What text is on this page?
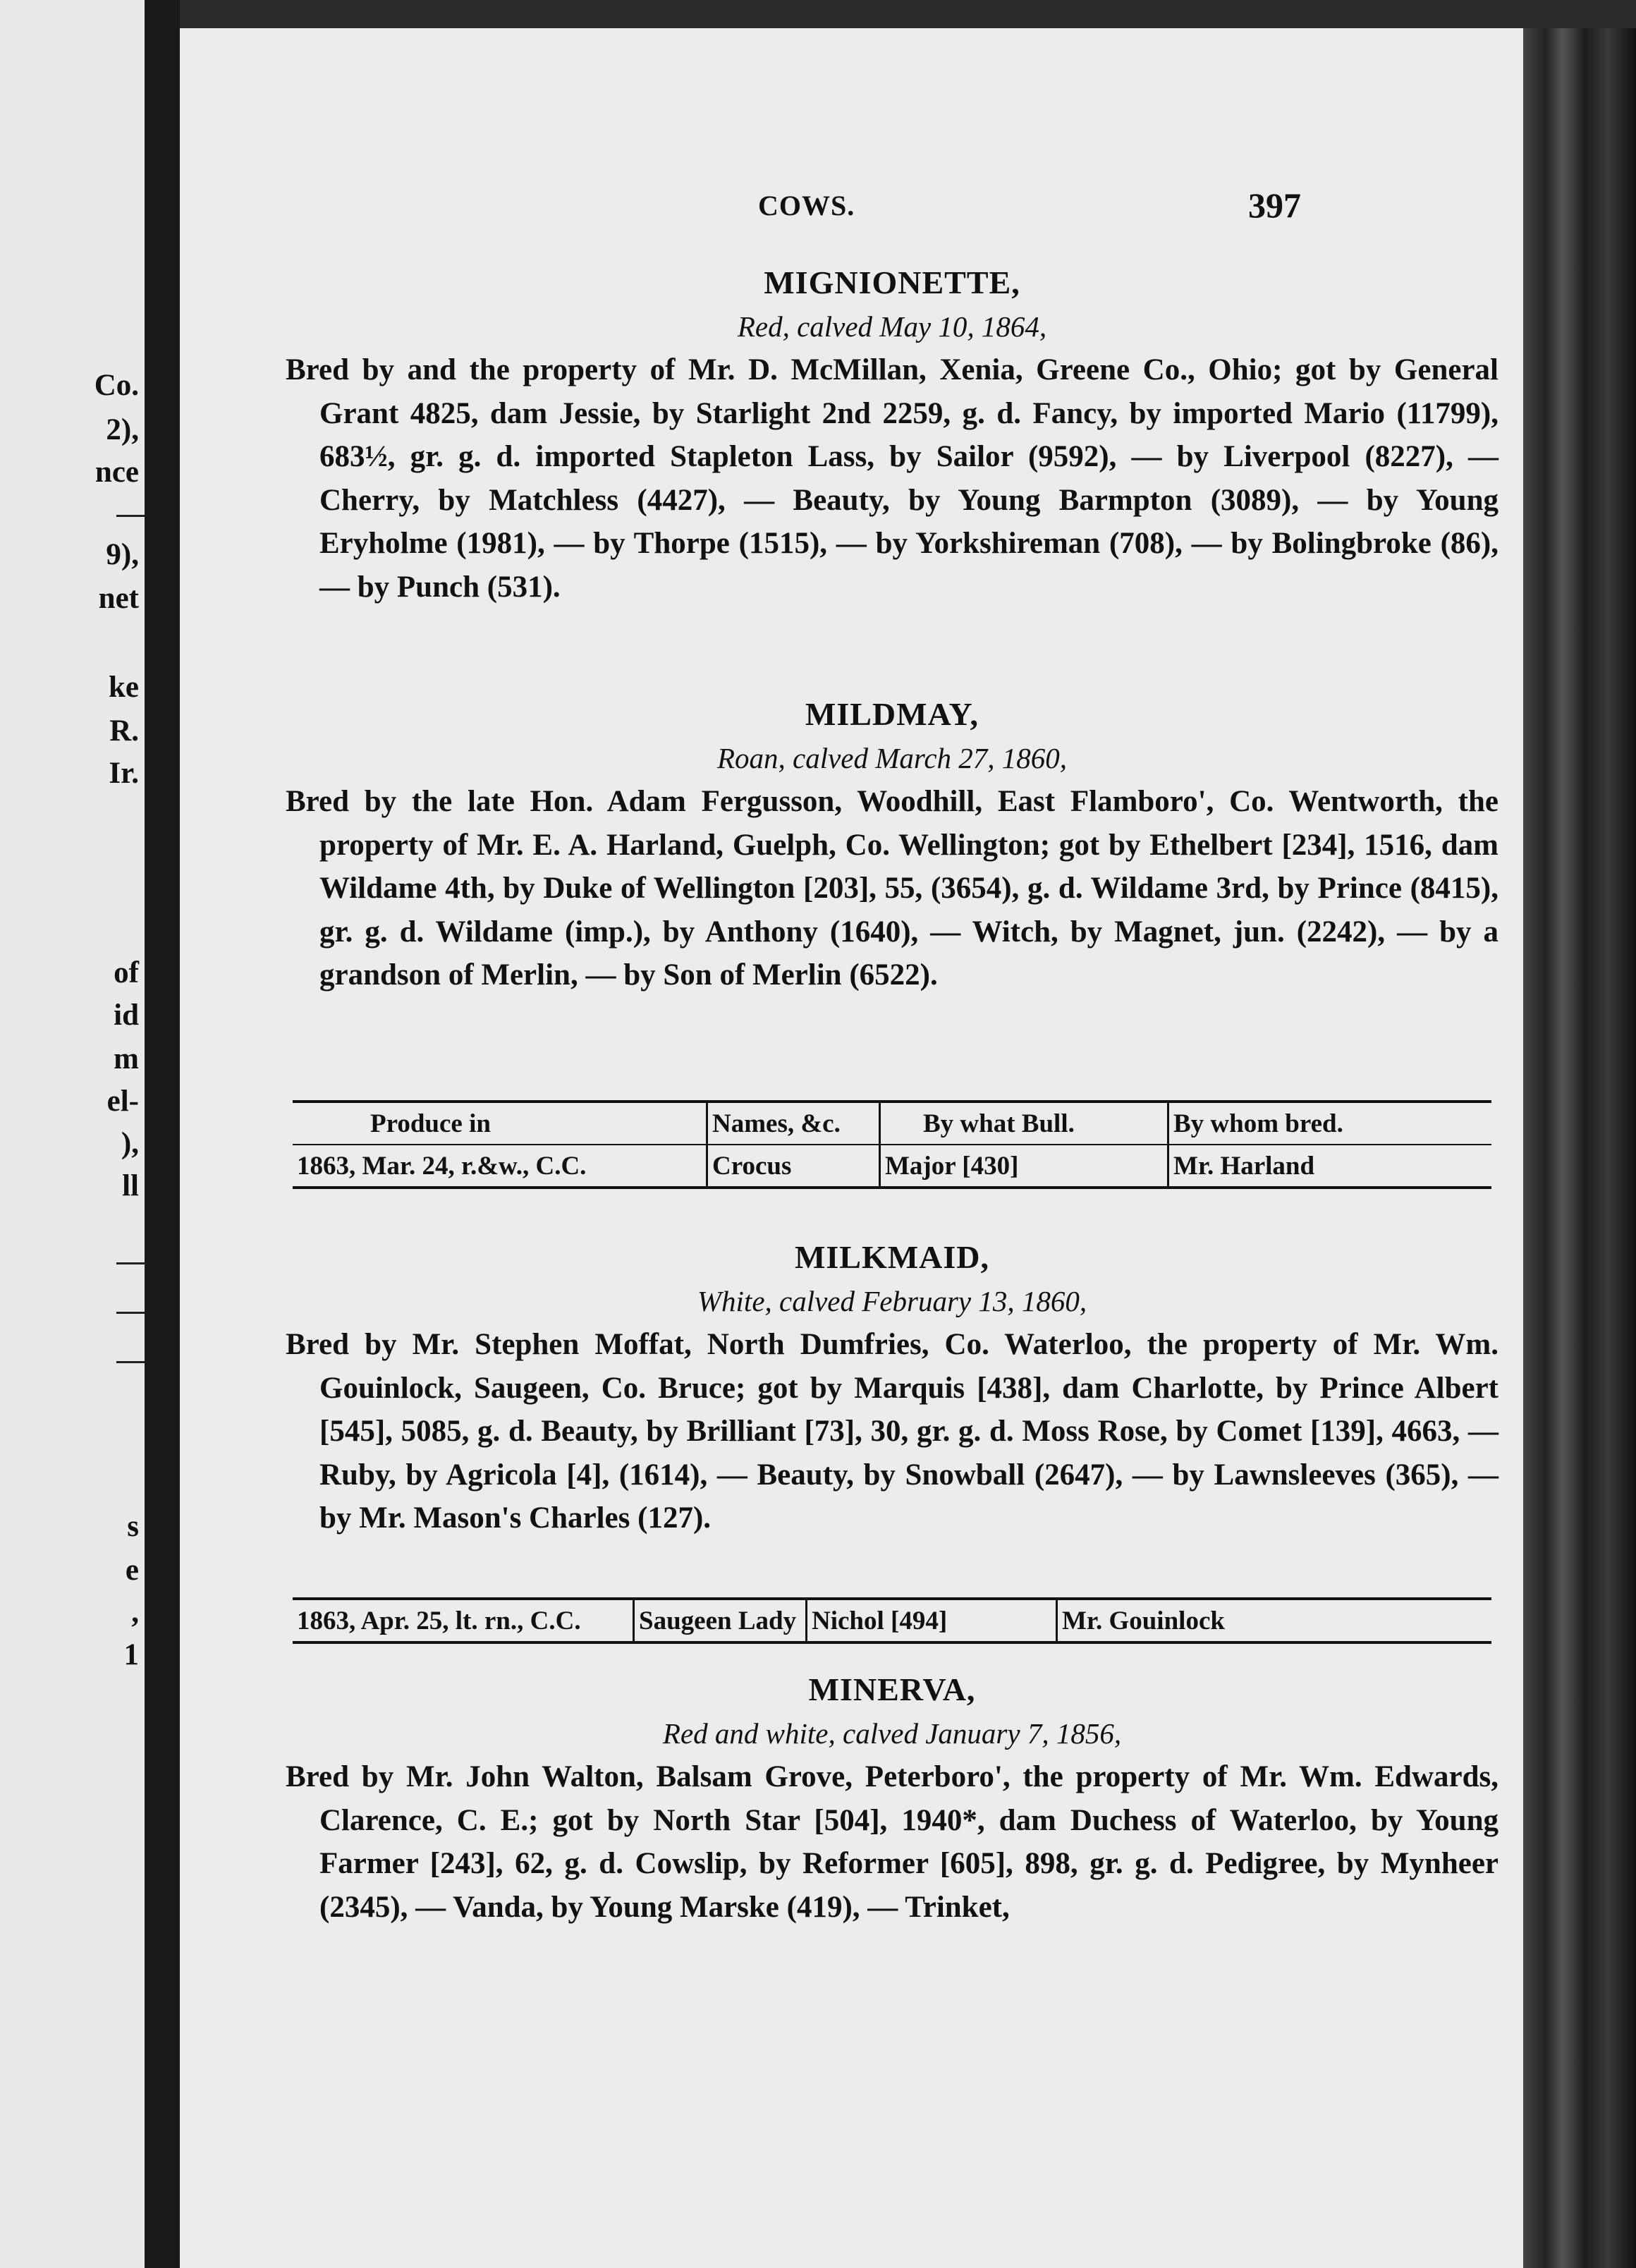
Co.
2),
nce
9),
net
ke
R.
Ir.
of
id
m
el-
),
ll
s
e
,
1
COWS.	397

MIGNIONETTE,

Red, calved May 10, 1864,

Bred by and the property of Mr. D. McMillan, Xenia, Greene Co., Ohio; got by General Grant 4825, dam Jessie, by Starlight 2nd 2259, g. d. Fancy, by imported Mario (11799), 683½, gr. g. d. imported Stapleton Lass, by Sailor (9592), — by Liverpool (8227), — Cherry, by Matchless (4427), — Beauty, by Young Barmpton (3089), — by Young Eryholme (1981), — by Thorpe (1515), — by Yorkshireman (708), — by Bolingbroke (86), — by Punch (531).

MILDMAY,

Roan, calved March 27, 1860,

Bred by the late Hon. Adam Fergusson, Woodhill, East Flamboro', Co. Wentworth, the property of Mr. E. A. Harland, Guelph, Co. Wellington; got by Ethelbert [234], 1516, dam Wildame 4th, by Duke of Wellington [203], 55, (3654), g. d. Wildame 3rd, by Prince (8415), gr. g. d. Wildame (imp.), by Anthony (1640), — Witch, by Magnet, jun. (2242), — by a grandson of Merlin, — by Son of Merlin (6522).

Produce in	Names, &c.	By what Bull.	By whom bred.
1863, Mar. 24, r.&w., C.C.	Crocus	Major [430]	Mr. Harland

MILKMAID,

White, calved February 13, 1860,

Bred by Mr. Stephen Moffat, North Dumfries, Co. Waterloo, the property of Mr. Wm. Gouinlock, Saugeen, Co. Bruce; got by Marquis [438], dam Charlotte, by Prince Albert [545], 5085, g. d. Beauty, by Brilliant [73], 30, gr. g. d. Moss Rose, by Comet [139], 4663, — Ruby, by Agricola [4], (1614), — Beauty, by Snowball (2647), — by Lawnsleeves (365), — by Mr. Mason's Charles (127).

1863, Apr. 25, lt. rn., C.C.	Saugeen Lady	Nichol [494]	Mr. Gouinlock

MINERVA,

Red and white, calved January 7, 1856,

Bred by Mr. John Walton, Balsam Grove, Peterboro', the property of Mr. Wm. Edwards, Clarence, C. E.; got by North Star [504], 1940*, dam Duchess of Waterloo, by Young Farmer [243], 62, g. d. Cowslip, by Reformer [605], 898, gr. g. d. Pedigree, by Mynheer (2345), — Vanda, by Young Marske (419), — Trinket,
